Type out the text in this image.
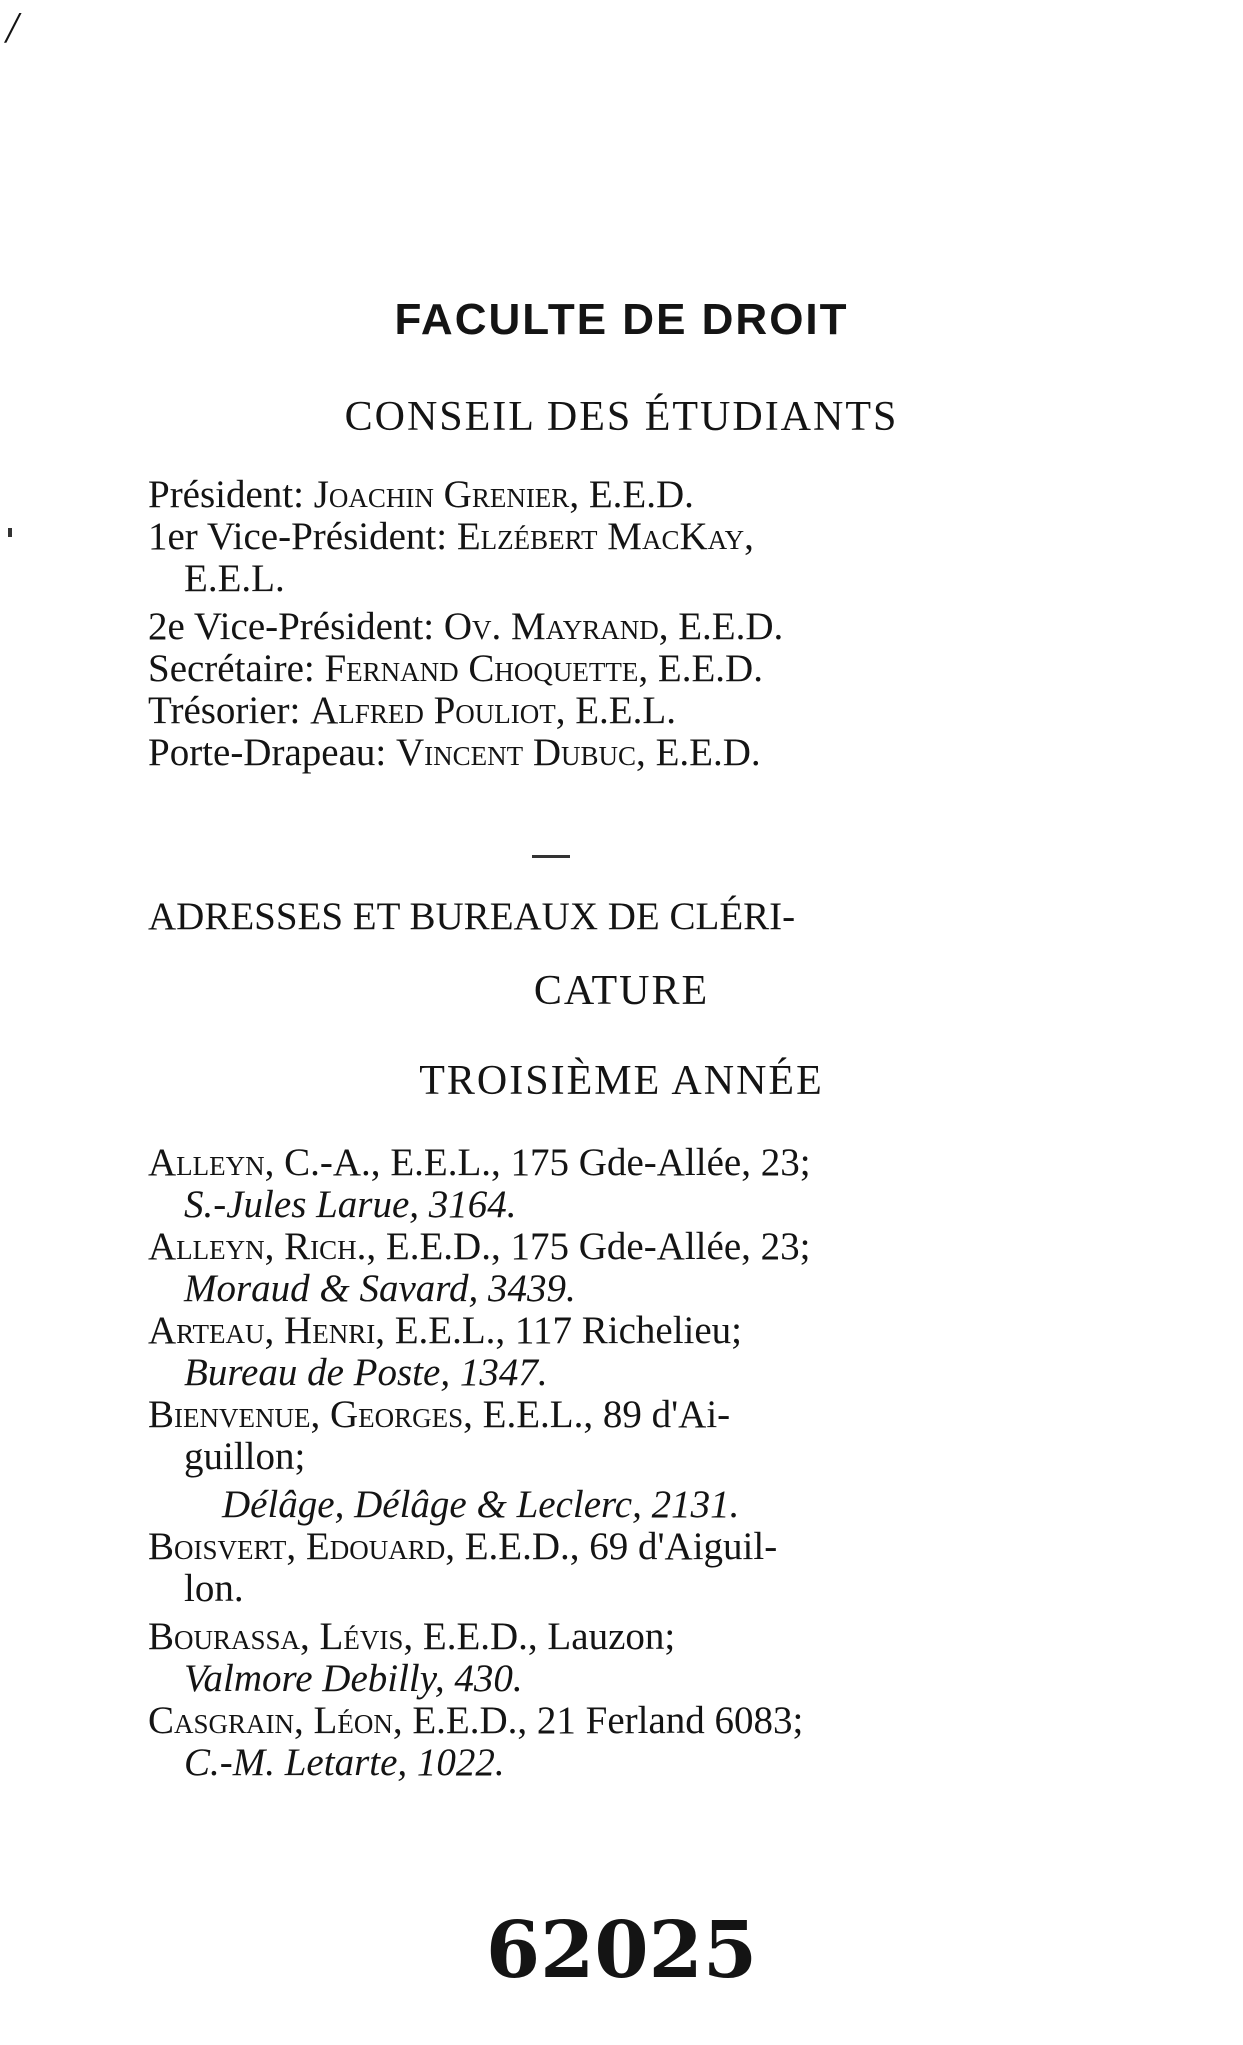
/
FACULTE DE DROIT
CONSEIL DES ÉTUDIANTS
Président: Joachin Grenier, E.E.D.
1er Vice-Président: Elzébert MacKay,
E.E.L.
2e Vice-Président: Ov. Mayrand, E.E.D.
Secrétaire: Fernand Choquette, E.E.D.
Trésorier: Alfred Pouliot, E.E.L.
Porte-Drapeau: Vincent Dubuc, E.E.D.
ADRESSES ET BUREAUX DE CLÉRI-
CATURE
TROISIÈME ANNÉE
Alleyn, C.-A., E.E.L., 175 Gde-Allée, 23;
S.-Jules Larue, 3164.
Alleyn, Rich., E.E.D., 175 Gde-Allée, 23;
Moraud & Savard, 3439.
Arteau, Henri, E.E.L., 117 Richelieu;
Bureau de Poste, 1347.
Bienvenue, Georges, E.E.L., 89 d'Ai-
guillon;
Délâge, Délâge & Leclerc, 2131.
Boisvert, Edouard, E.E.D., 69 d'Aiguil-
lon.
Bourassa, Lévis, E.E.D., Lauzon;
Valmore Debilly, 430.
Casgrain, Léon, E.E.D., 21 Ferland 6083;
C.-M. Letarte, 1022.
62025
